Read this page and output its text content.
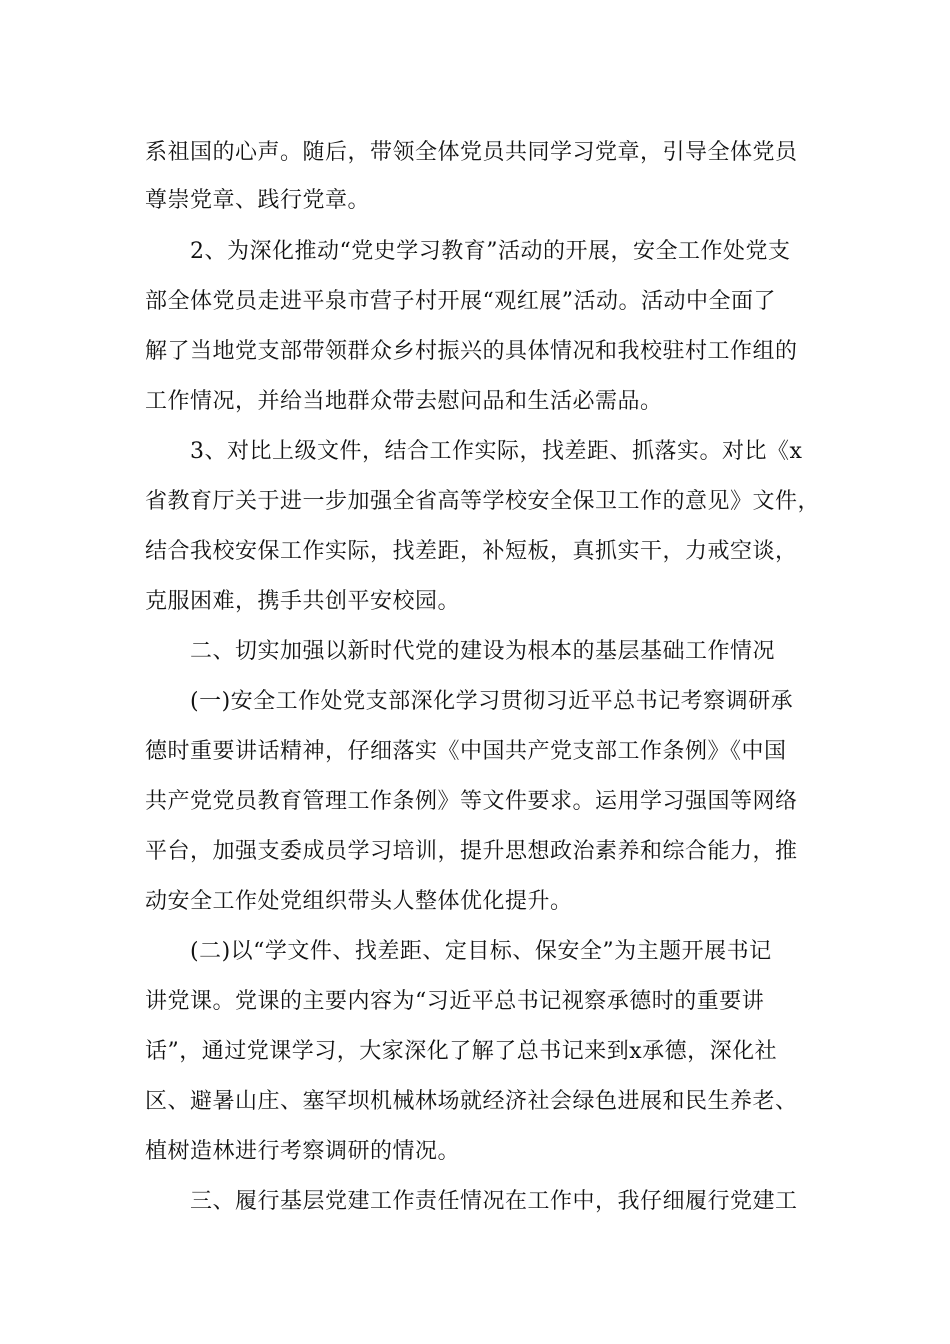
系祖国的心声。随后，带领全体党员共同学习党章，引导全体党员
尊崇党章、践行党章。
2、为深化推动“党史学习教育”活动的开展，安全工作处党支
部全体党员走进平泉市营子村开展“观红展”活动。活动中全面了
解了当地党支部带领群众乡村振兴的具体情况和我校驻村工作组的
工作情况，并给当地群众带去慰问品和生活必需品。
3、对比上级文件，结合工作实际，找差距、抓落实。对比《x
省教育厅关于进一步加强全省高等学校安全保卫工作的意见》文件，
结合我校安保工作实际，找差距，补短板，真抓实干，力戒空谈，
克服困难，携手共创平安校园。
二、切实加强以新时代党的建设为根本的基层基础工作情况
(一)安全工作处党支部深化学习贯彻习近平总书记考察调研承
德时重要讲话精神，仔细落实《中国共产党支部工作条例》《中国
共产党党员教育管理工作条例》等文件要求。运用学习强国等网络
平台，加强支委成员学习培训，提升思想政治素养和综合能力，推
动安全工作处党组织带头人整体优化提升。
(二)以“学文件、找差距、定目标、保安全”为主题开展书记
讲党课。党课的主要内容为“习近平总书记视察承德时的重要讲
话”，通过党课学习，大家深化了解了总书记来到x承德，深化社
区、避暑山庄、塞罕坝机械林场就经济社会绿色进展和民生养老、
植树造林进行考察调研的情况。
三、履行基层党建工作责任情况在工作中，我仔细履行党建工
